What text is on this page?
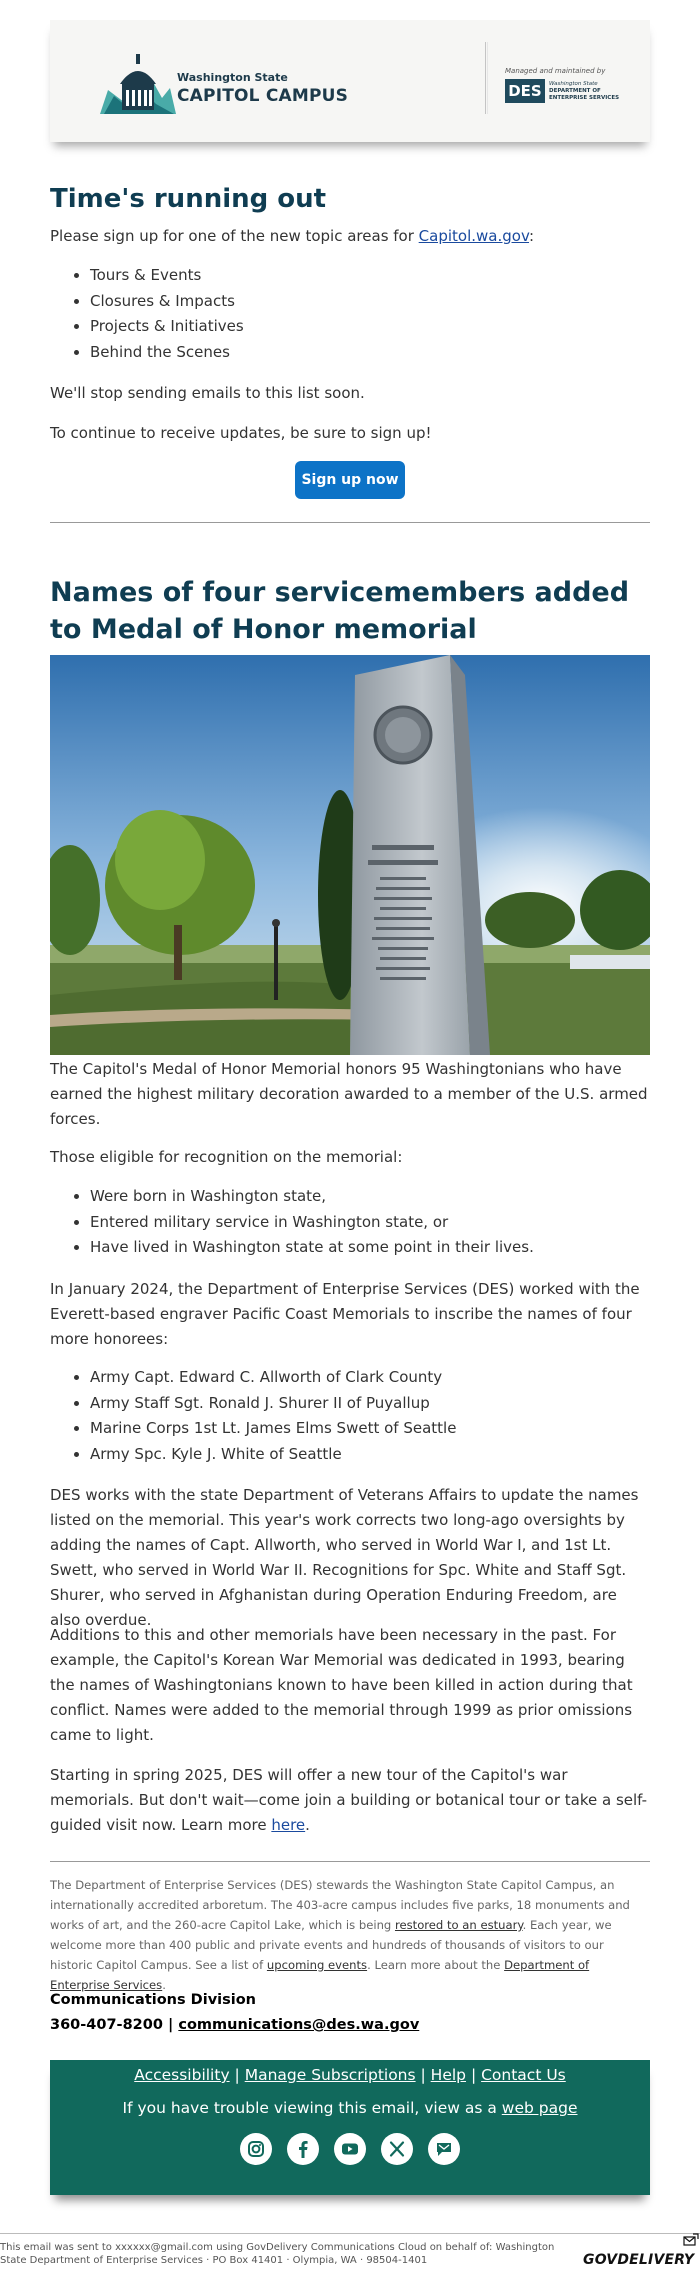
Washington State
CAPITOL CAMPUS
Managed and maintained by
DES	Washington State
DEPARTMENT OF
ENTERPRISE SERVICES
Time's running out
Please sign up for one of the new topic areas for Capitol.wa.gov:
• Tours & Events
• Closures & Impacts
• Projects & Initiatives
• Behind the Scenes
We'll stop sending emails to this list soon.
To continue to receive updates, be sure to sign up!
Sign up now
Names of four servicemembers added to Medal of Honor memorial
The Capitol's Medal of Honor Memorial honors 95 Washingtonians who have earned the highest military decoration awarded to a member of the U.S. armed forces.
Those eligible for recognition on the memorial:
• Were born in Washington state,
• Entered military service in Washington state, or
• Have lived in Washington state at some point in their lives.
In January 2024, the Department of Enterprise Services (DES) worked with the Everett-based engraver Pacific Coast Memorials to inscribe the names of four more honorees:
• Army Capt. Edward C. Allworth of Clark County
• Army Staff Sgt. Ronald J. Shurer II of Puyallup
• Marine Corps 1st Lt. James Elms Swett of Seattle
• Army Spc. Kyle J. White of Seattle
DES works with the state Department of Veterans Affairs to update the names listed on the memorial. This year's work corrects two long-ago oversights by adding the names of Capt. Allworth, who served in World War I, and 1st Lt. Swett, who served in World War II. Recognitions for Spc. White and Staff Sgt. Shurer, who served in Afghanistan during Operation Enduring Freedom, are also overdue.
Additions to this and other memorials have been necessary in the past. For example, the Capitol's Korean War Memorial was dedicated in 1993, bearing the names of Washingtonians known to have been killed in action during that conflict. Names were added to the memorial through 1999 as prior omissions came to light.
Starting in spring 2025, DES will offer a new tour of the Capitol's war memorials. But don't wait—come join a building or botanical tour or take a self-guided visit now. Learn more here.
The Department of Enterprise Services (DES) stewards the Washington State Capitol Campus, an internationally accredited arboretum. The 403-acre campus includes five parks, 18 monuments and works of art, and the 260-acre Capitol Lake, which is being restored to an estuary. Each year, we welcome more than 400 public and private events and hundreds of thousands of visitors to our historic Capitol Campus. See a list of upcoming events. Learn more about the Department of Enterprise Services.
Communications Division
360-407-8200 | communications@des.wa.gov
Accessibility | Manage Subscriptions | Help | Contact Us
If you have trouble viewing this email, view as a web page

This email was sent to xxxxxx@gmail.com using GovDelivery Communications Cloud on behalf of: Washington State Department of Enterprise Services · PO Box 41401 · Olympia, WA · 98504-1401	GOVDELIVERY
